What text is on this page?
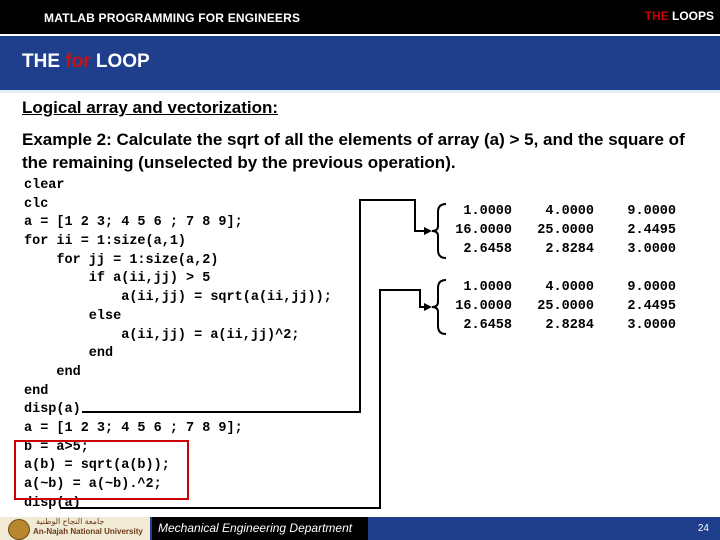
MATLAB PROGRAMMING FOR ENGINEERS	THE LOOPS
THE for LOOP
Logical array and vectorization:
Example 2: Calculate the sqrt of all the elements of array (a) > 5, and the square of the remaining (unselected by the previous operation).
clear
clc
a = [1 2 3; 4 5 6 ; 7 8 9];
for ii = 1:size(a,1)
for jj = 1:size(a,2)
if a(ii,jj) > 5
a(ii,jj) = sqrt(a(ii,jj));
else
a(ii,jj) = a(ii,jj)^2;
end
end
end
disp(a)
a = [1 2 3; 4 5 6 ; 7 8 9];
b = a>5;
a(b) = sqrt(a(b));
a(~b) = a(~b).^2;
disp(a)
1.0000	4.0000	9.0000
16.0000	25.0000	2.4495
2.6458	2.8284	3.0000
1.0000	4.0000	9.0000
16.0000	25.0000	2.4495
2.6458	2.8284	3.0000
جامعة النجاح الوطنية
An-Najah National University Mechanical Engineering Department	24
